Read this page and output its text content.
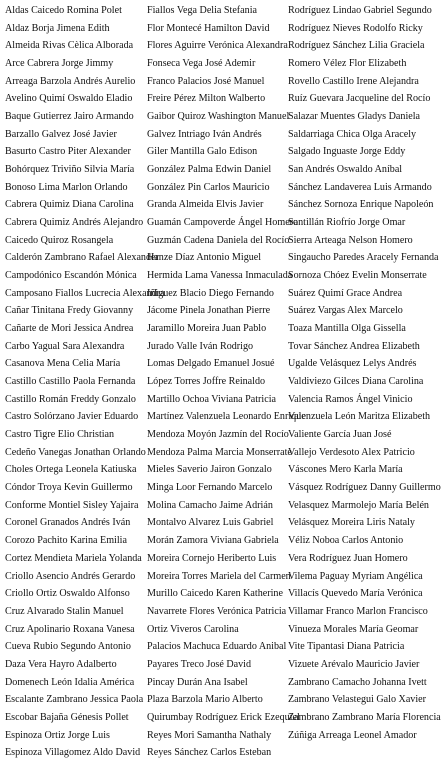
Aldas Caicedo Romina Polet
Aldaz Borja Jimena Edith
Almeida Rivas Cèlica Alborada
Arce Cabrera Jorge Jimmy
Arreaga Barzola Andrés Aurelio
Avelino Quimí Oswaldo Eladio
Baque Gutierrez Jairo Armando
Barzallo Galvez José Javier
Basurto Castro Piter Alexander
Bohórquez Triviño Silvia María
Bonoso Lima Marlon Orlando
Cabrera Quimiz Diana Carolina
Cabrera Quimiz Andrés Alejandro
Caicedo Quiroz Rosangela
Calderón Zambrano Rafael Alexander
Campodónico Escandón Mónica
Camposano Fiallos Lucrecia Alexandra
Cañar Tinitana Fredy Giovanny
Cañarte de Mori Jessica Andrea
Carbo Yagual Sara Alexandra
Casanova Mena Celia María
Castillo Castillo Paola Fernanda
Castillo Román Freddy Gonzalo
Castro Solórzano Javier Eduardo
Castro Tigre Elio Christian
Cedeño Vanegas Jonathan Orlando
Choles Ortega Leonela Katiuska
Cóndor Troya Kevin Guillermo
Conforme Montiel Sisley Yajaira
Coronel Granados Andrés Iván
Corozo Pachito Karina Emilia
Cortez Mendieta Mariela Yolanda
Criollo Asencio Andrés Gerardo
Criollo Ortiz Oswaldo Alfonso
Cruz Alvarado Stalin Manuel
Cruz Apolinario Roxana Vanesa
Cueva Rubio Segundo Antonio
Daza Vera Hayro Adalberto
Domenech León Idalia América
Escalante Zambrano Jessica Paola
Escobar Bajaña Génesis Pollet
Espinoza Ortiz Jorge Luis
Espinoza Villagomez Aldo David
Fiallos Vega Delia Stefania
Flor Montecé Hamilton David
Flores Aguirre Verónica Alexandra
Fonseca Vega José Ademir
Franco Palacios José Manuel
Freire Pérez Milton Walberto
Gaibor Quiroz Washington Manuel
Galvez Intriago Iván Andrés
Giler Mantilla Galo Edison
González Palma Edwin Daniel
González Pin Carlos Mauricio
Granda Almeida Elvis Javier
Guamán Campoverde Ángel Homero
Guzmán Cadena Daniela del Rocío
Hanze Díaz Antonio Miguel
Hermida Lama Vanessa Inmaculada
Iñiguez Blacio Diego Fernando
Jácome Pinela Jonathan Pierre
Jaramillo Moreira Juan Pablo
Jurado Valle Iván Rodrigo
Lomas Delgado Emanuel Josué
López Torres Joffre Reinaldo
Martillo Ochoa Viviana Patricia
Martínez Valenzuela Leonardo Enrique
Mendoza Moyón Jazmín del Rocío
Mendoza Palma Marcia Monserrate
Mieles Saverio Jairon Gonzalo
Minga Loor Fernando Marcelo
Molina Camacho Jaime Adrián
Montalvo Alvarez Luis Gabriel
Morán Zamora Viviana Gabriela
Moreira Cornejo Heriberto Luis
Moreira Torres Mariela del Carmen
Murillo Caicedo Karen Katherine
Navarrete Flores Verónica Patricia
Ortiz Viveros Carolina
Palacios Machuca Eduardo Anibal
Payares Treco José David
Pincay Durán Ana Isabel
Plaza Barzola Mario Alberto
Quirumbay Rodríguez Erick Ezequiel
Reyes Mori Samantha Nathaly
Reyes Sánchez Carlos Esteban
Rodríguez Lindao Gabriel Segundo
Rodríguez Nieves Rodolfo Ricky
Rodríguez Sánchez Lilia Graciela
Romero Vélez Flor Elizabeth
Rovello Castillo Irene Alejandra
Ruíz Guevara Jacqueline del Rocío
Salazar Muentes Gladys Daniela
Saldarriaga Chica Olga Aracely
Salgado Inguaste Jorge Eddy
San Andrés Oswaldo Aníbal
Sánchez Landaverea Luis Armando
Sánchez Sornoza Enrique Napoleón
Santillán Riofrío Jorge Omar
Sierra Arteaga Nelson Homero
Singaucho Paredes Aracely Fernanda
Sornoza Chóez Evelin Monserrate
Suárez Quimí Grace Andrea
Suárez Vargas Alex Marcelo
Toaza Mantilla Olga Gissella
Tovar Sánchez Andrea Elizabeth
Ugalde Velásquez Lelys Andrés
Valdiviezo Gilces Diana Carolina
Valencia Ramos Ángel Vinicio
Valenzuela León Maritza Elizabeth
Valiente García Juan José
Vallejo Verdesoto Alex Patricio
Váscones Mero Karla María
Vásquez Rodríguez Danny Guillermo
Velasquez Marmolejo María Belén
Velásquez Moreira Liris Nataly
Véliz Noboa Carlos Antonio
Vera Rodríguez Juan Homero
Vilema Paguay Myriam Angélica
Villacís Quevedo María Verónica
Villamar Franco Marlon Francisco
Vinueza Morales María Geomar
Vite Tipantasi Diana Patricia
Vizuete Arévalo Mauricio Javier
Zambrano Camacho Johanna Ivett
Zambrano Velastegui Galo Xavier
Zambrano Zambrano María Florencia
Zúñiga Arreaga Leonel Amador
